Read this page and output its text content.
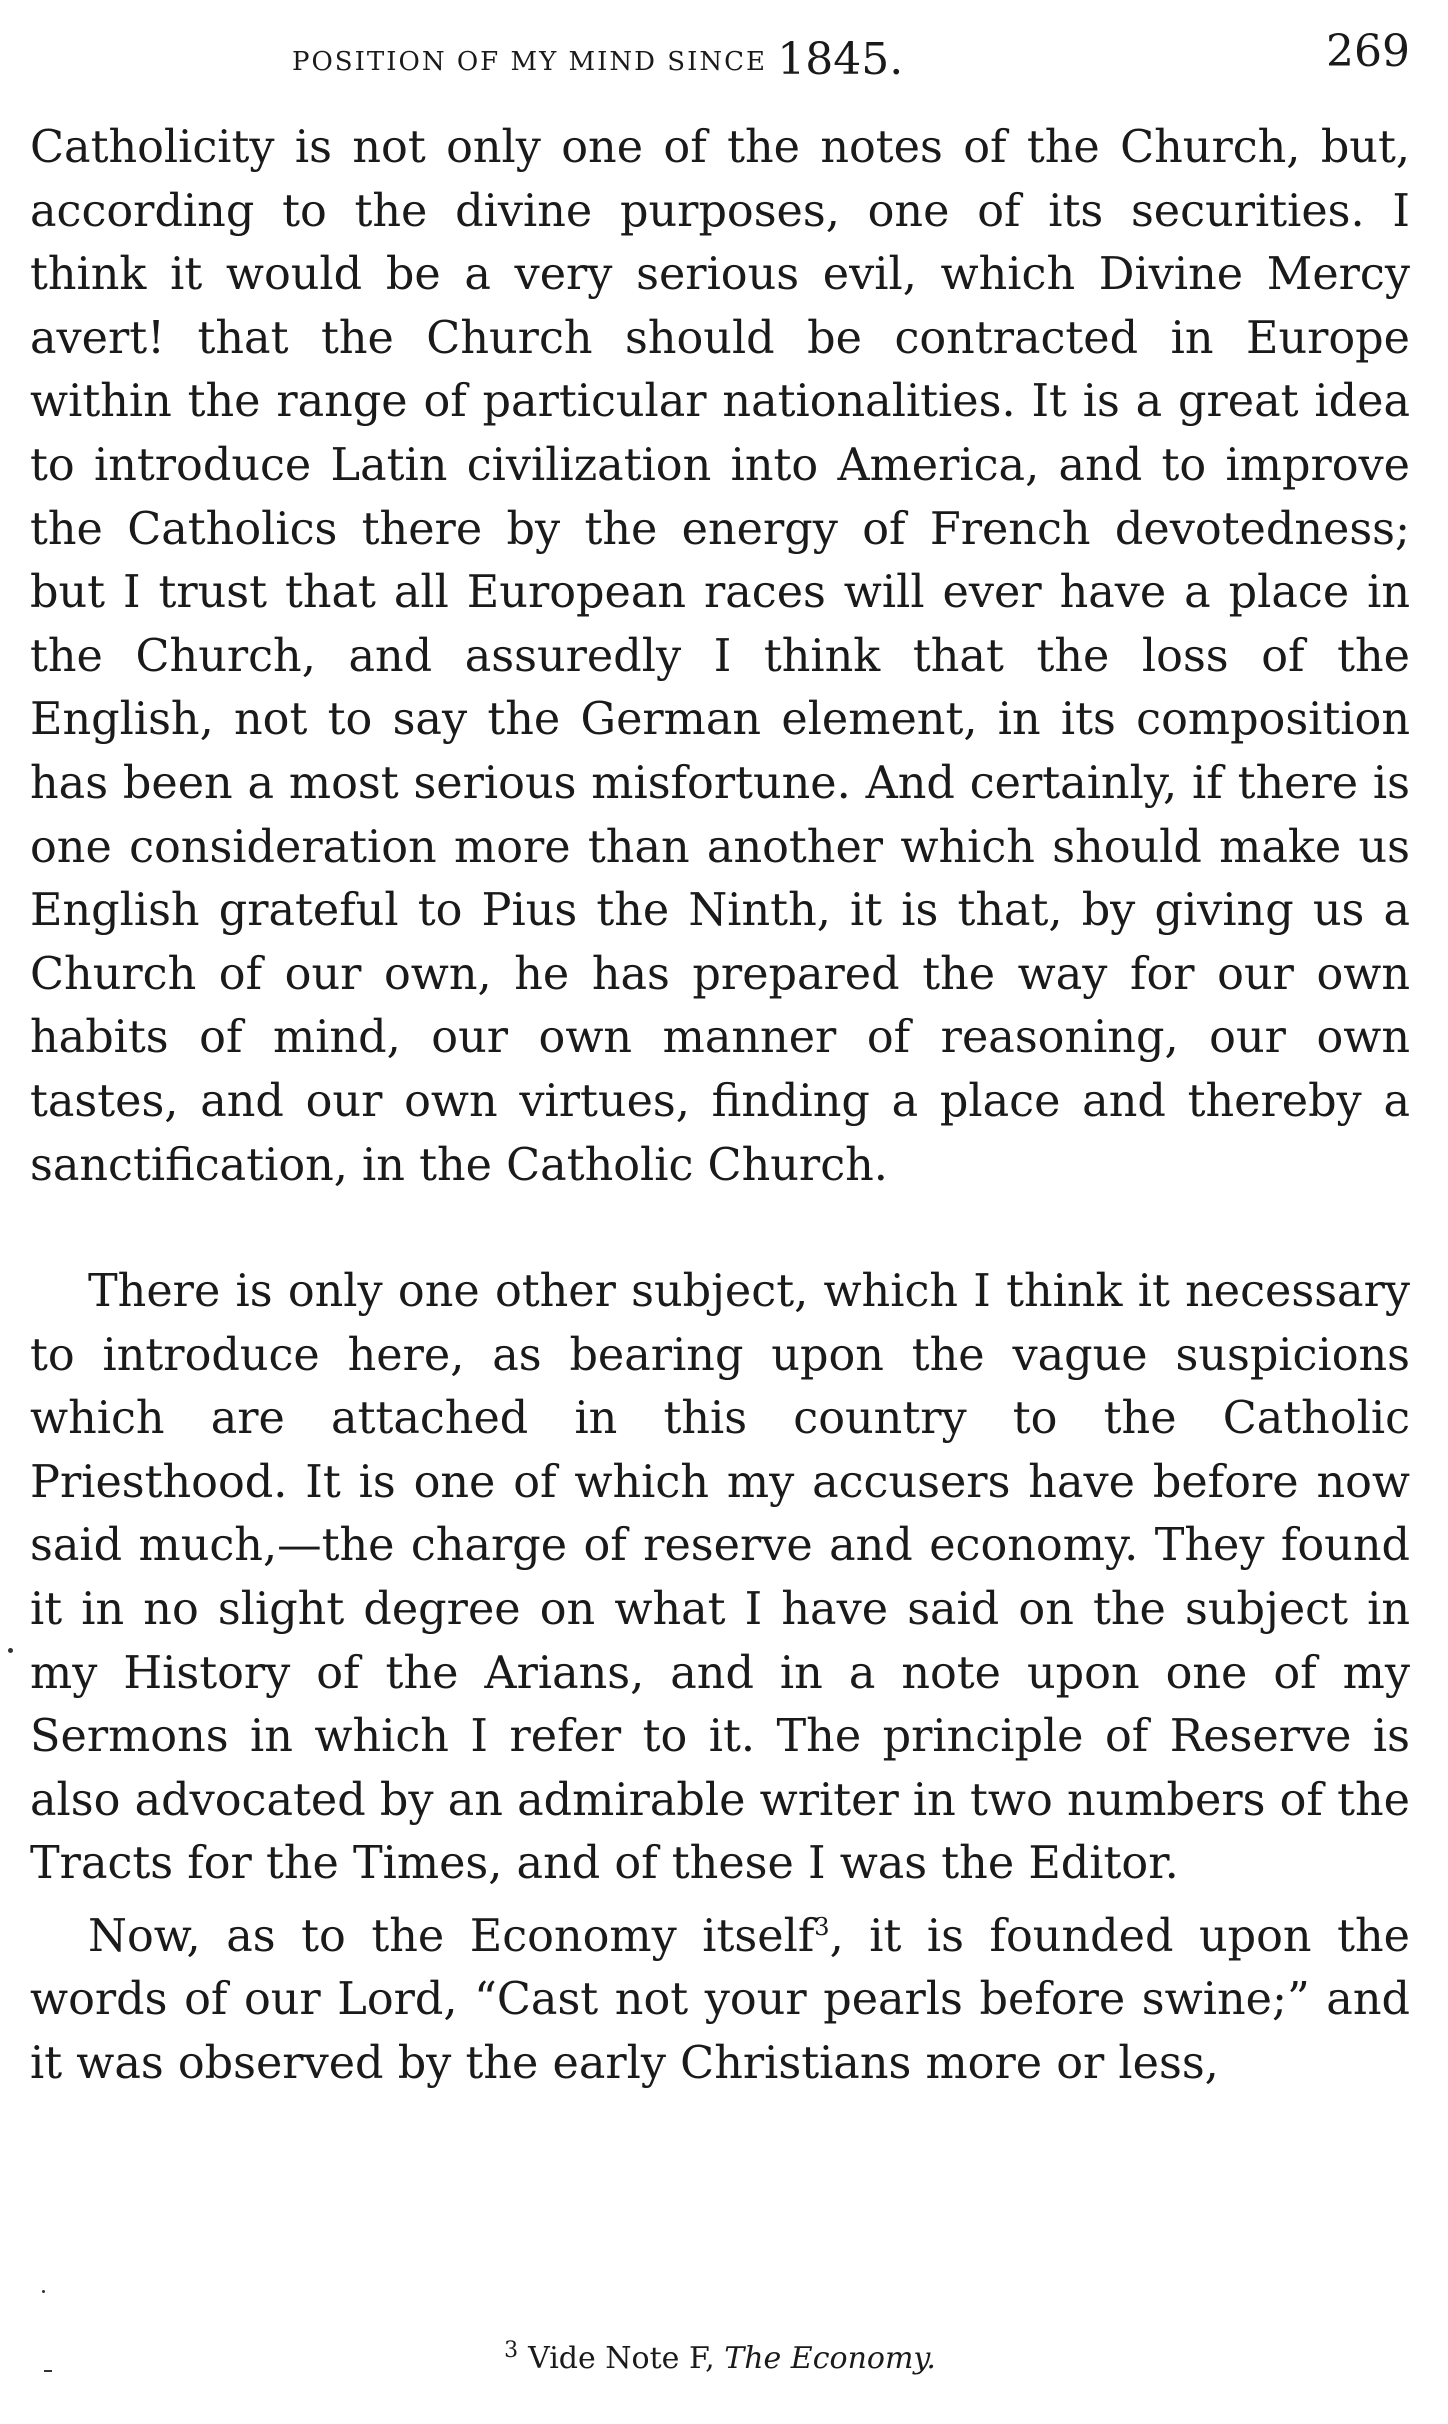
POSITION OF MY MIND SINCE 1845.	269

Catholicity is not only one of the notes of the Church, but, according to the divine purposes, one of its securities. I think it would be a very serious evil, which Divine Mercy avert! that the Church should be contracted in Europe within the range of particular nationalities. It is a great idea to introduce Latin civilization into America, and to improve the Catholics there by the energy of French devotedness; but I trust that all European races will ever have a place in the Church, and assuredly I think that the loss of the English, not to say the German element, in its composition has been a most serious misfortune. And certainly, if there is one consideration more than another which should make us English grateful to Pius the Ninth, it is that, by giving us a Church of our own, he has prepared the way for our own habits of mind, our own manner of reasoning, our own tastes, and our own virtues, finding a place and thereby a sanctification, in the Catholic Church.

There is only one other subject, which I think it necessary to introduce here, as bearing upon the vague suspicions which are attached in this country to the Catholic Priesthood. It is one of which my accusers have before now said much,—the charge of reserve and economy. They found it in no slight degree on what I have said on the subject in my History of the Arians, and in a note upon one of my Sermons in which I refer to it. The principle of Reserve is also advocated by an admirable writer in two numbers of the Tracts for the Times, and of these I was the Editor.

Now, as to the Economy itself$^3$, it is founded upon the words of our Lord, “Cast not your pearls before swine;” and it was observed by the early Christians more or less,

$^3$ Vide Note F, The Economy.
